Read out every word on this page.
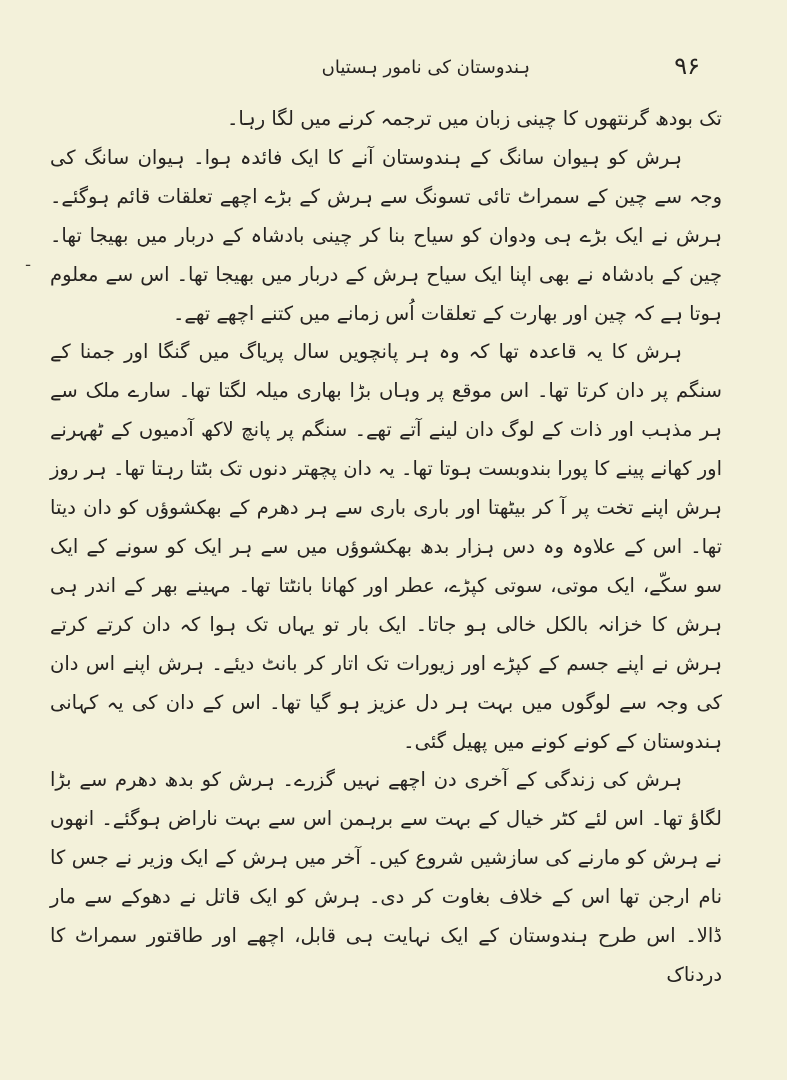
۹۶
ہندوستان کی نامور ہستیاں
ـ

تک بودھ گرنتھوں کا چینی زبان میں ترجمہ کرنے میں لگا رہا۔

ہرش کو ہیوان سانگ کے ہندوستان آنے کا ایک فائدہ ہوا۔ ہیوان سانگ کی وجہ سے چین کے سمراٹ تائی تسونگ سے ہرش کے بڑے اچھے تعلقات قائم ہوگئے۔ ہرش نے ایک بڑے ہی ودوان کو سیاح بنا کر چینی بادشاہ کے دربار میں بھیجا تھا۔ چین کے بادشاہ نے بھی اپنا ایک سیاح ہرش کے دربار میں بھیجا تھا۔ اس سے معلوم ہوتا ہے کہ چین اور بھارت کے تعلقات اُس زمانے میں کتنے اچھے تھے۔

ہرش کا یہ قاعدہ تھا کہ وہ ہر پانچویں سال پریاگ میں گنگا اور جمنا کے سنگم پر دان کرتا تھا۔ اس موقع پر وہاں بڑا بھاری میلہ لگتا تھا۔ سارے ملک سے ہر مذہب اور ذات کے لوگ دان لینے آتے تھے۔ سنگم پر پانچ لاکھ آدمیوں کے ٹھہرنے اور کھانے پینے کا پورا بندوبست ہوتا تھا۔ یہ دان پچھتر دنوں تک بٹتا رہتا تھا۔ ہر روز ہرش اپنے تخت پر آ کر بیٹھتا اور باری باری سے ہر دھرم کے بھکشوؤں کو دان دیتا تھا۔ اس کے علاوہ وہ دس ہزار بدھ بھکشوؤں میں سے ہر ایک کو سونے کے ایک سو سکّے، ایک موتی، سوتی کپڑے، عطر اور کھانا بانٹتا تھا۔ مہینے بھر کے اندر ہی ہرش کا خزانہ بالکل خالی ہو جاتا۔ ایک بار تو یہاں تک ہوا کہ دان کرتے کرتے ہرش نے اپنے جسم کے کپڑے اور زیورات تک اتار کر بانٹ دیئے۔ ہرش اپنے اس دان کی وجہ سے لوگوں میں بہت ہر دل عزیز ہو گیا تھا۔ اس کے دان کی یہ کہانی ہندوستان کے کونے کونے میں پھیل گئی۔

ہرش کی زندگی کے آخری دن اچھے نہیں گزرے۔ ہرش کو بدھ دھرم سے بڑا لگاؤ تھا۔ اس لئے کٹر خیال کے بہت سے برہمن اس سے بہت ناراض ہوگئے۔ انھوں نے ہرش کو مارنے کی سازشیں شروع کیں۔ آخر میں ہرش کے ایک وزیر نے جس کا نام ارجن تھا اس کے خلاف بغاوت کر دی۔ ہرش کو ایک قاتل نے دھوکے سے مار ڈالا۔ اس طرح ہندوستان کے ایک نہایت ہی قابل، اچھے اور طاقتور سمراٹ کا دردناک
